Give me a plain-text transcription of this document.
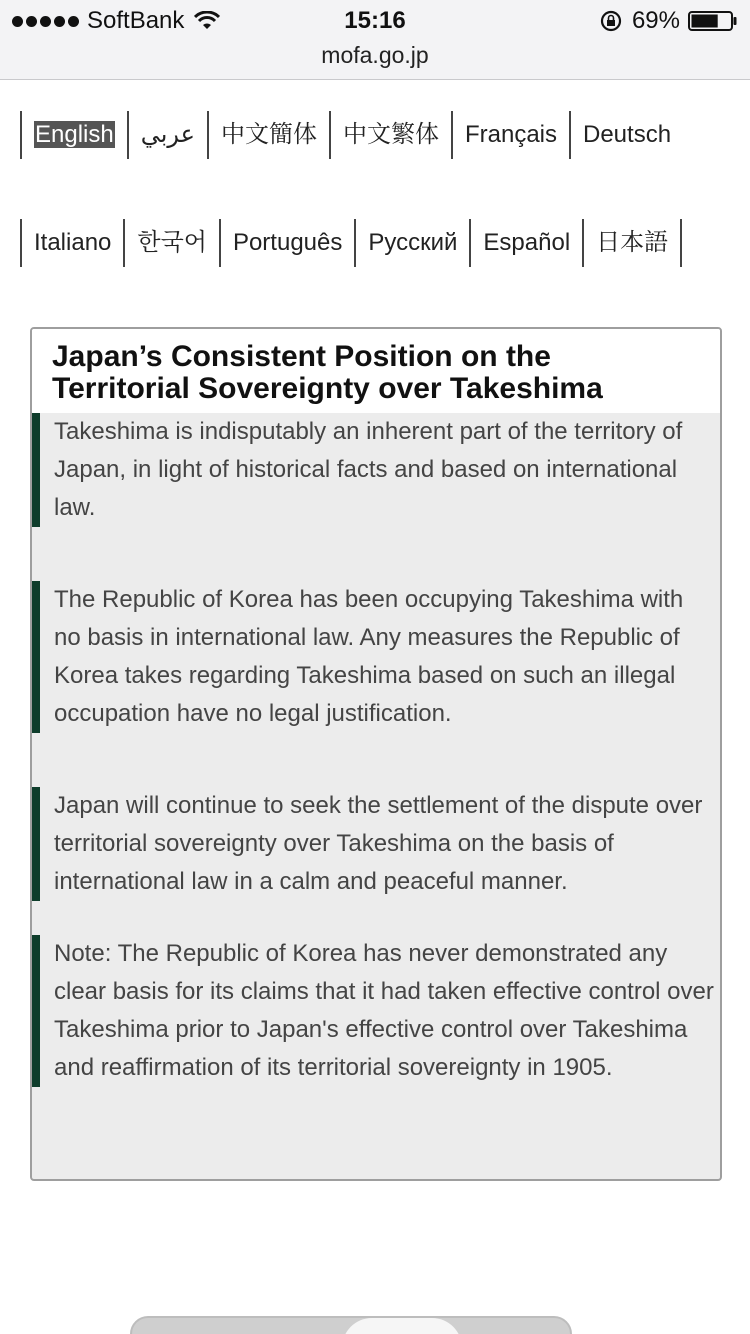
SoftBank	15:16	69%
mofa.go.jp
English	عربي	中文簡体	中文繁体	Français	Deutsch
Italiano	한국어	Português	Русский	Español	日本語
Japan’s Consistent Position on the
Territorial Sovereignty over Takeshima
Takeshima is indisputably an inherent part of the territory of Japan, in light of historical facts and based on international law.
The Republic of Korea has been occupying Takeshima with no basis in international law. Any measures the Republic of Korea takes regarding Takeshima based on such an illegal occupation have no legal justification.
Japan will continue to seek the settlement of the dispute over territorial sovereignty over Takeshima on the basis of international law in a calm and peaceful manner.
Note: The Republic of Korea has never demonstrated any clear basis for its claims that it had taken effective control over Takeshima prior to Japan's effective control over Takeshima and reaffirmation of its territorial sovereignty in 1905.
